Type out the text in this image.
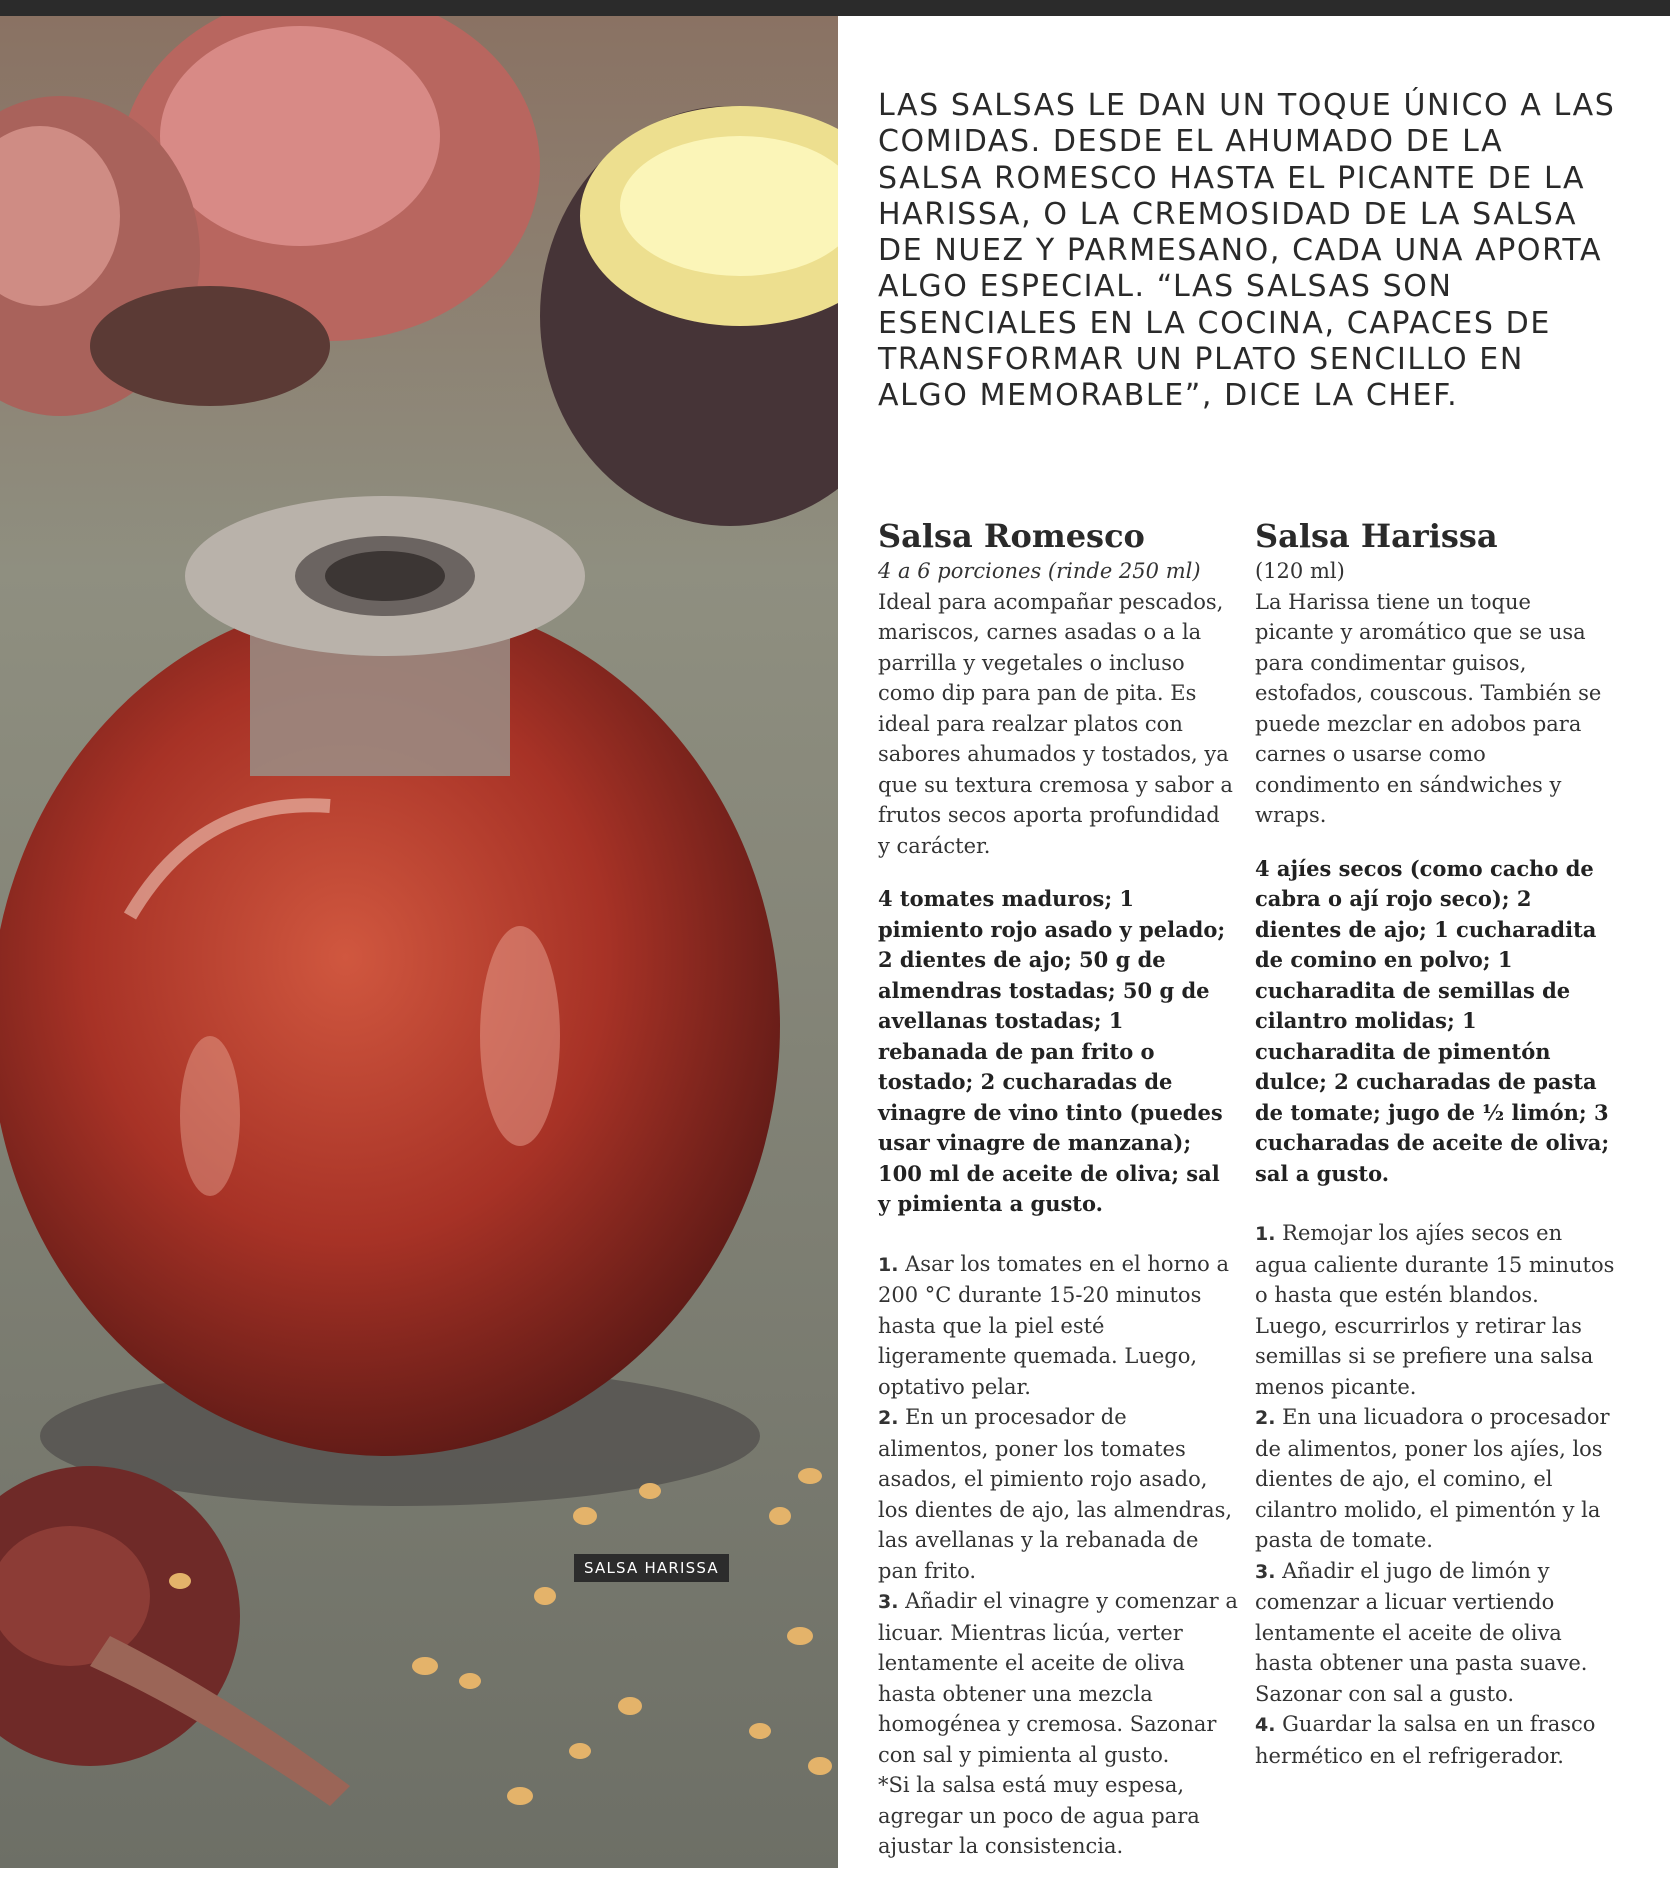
SALSA HARISSA

LAS SALSAS LE DAN UN TOQUE ÚNICO A LAS COMIDAS. DESDE EL AHUMADO DE LA SALSA ROMESCO HASTA EL PICANTE DE LA HARISSA, O LA CREMOSIDAD DE LA SALSA DE NUEZ Y PARMESANO, CADA UNA APORTA ALGO ESPECIAL. “LAS SALSAS SON ESENCIALES EN LA COCINA, CAPACES DE TRANSFORMAR UN PLATO SENCILLO EN ALGO MEMORABLE”, DICE LA CHEF.

Salsa Romesco

4 a 6 porciones (rinde 250 ml)

Ideal para acompañar pescados, mariscos, carnes asadas o a la parrilla y vegetales o incluso como dip para pan de pita. Es ideal para realzar platos con sabores ahumados y tostados, ya que su textura cremosa y sabor a frutos secos aporta profundidad y carácter.

4 tomates maduros; 1 pimiento rojo asado y pelado; 2 dientes de ajo; 50 g de almendras tostadas; 50 g de avellanas tostadas; 1 rebanada de pan frito o tostado; 2 cucharadas de vinagre de vino tinto (puedes usar vinagre de manzana); 100 ml de aceite de oliva; sal y pimienta a gusto.

1. Asar los tomates en el horno a 200 °C durante 15-20 minutos hasta que la piel esté ligeramente quemada. Luego, optativo pelar.

2. En un procesador de alimentos, poner los tomates asados, el pimiento rojo asado, los dientes de ajo, las almendras, las avellanas y la rebanada de pan frito.

3. Añadir el vinagre y comenzar a licuar. Mientras licúa, verter lentamente el aceite de oliva hasta obtener una mezcla homogénea y cremosa. Sazonar con sal y pimienta al gusto.

*Si la salsa está muy espesa, agregar un poco de agua para ajustar la consistencia.

Salsa Harissa

(120 ml)

La Harissa tiene un toque picante y aromático que se usa para condimentar guisos, estofados, couscous. También se puede mezclar en adobos para carnes o usarse como condimento en sándwiches y wraps.

4 ajíes secos (como cacho de cabra o ají rojo seco); 2 dientes de ajo; 1 cucharadita de comino en polvo; 1 cucharadita de semillas de cilantro molidas; 1 cucharadita de pimentón dulce; 2 cucharadas de pasta de tomate; jugo de ½ limón; 3 cucharadas de aceite de oliva; sal a gusto.

1. Remojar los ajíes secos en agua caliente durante 15 minutos o hasta que estén blandos. Luego, escurrirlos y retirar las semillas si se prefiere una salsa menos picante.

2. En una licuadora o procesador de alimentos, poner los ajíes, los dientes de ajo, el comino, el cilantro molido, el pimentón y la pasta de tomate.

3. Añadir el jugo de limón y comenzar a licuar vertiendo lentamente el aceite de oliva hasta obtener una pasta suave. Sazonar con sal a gusto.

4. Guardar la salsa en un frasco hermético en el refrigerador.
